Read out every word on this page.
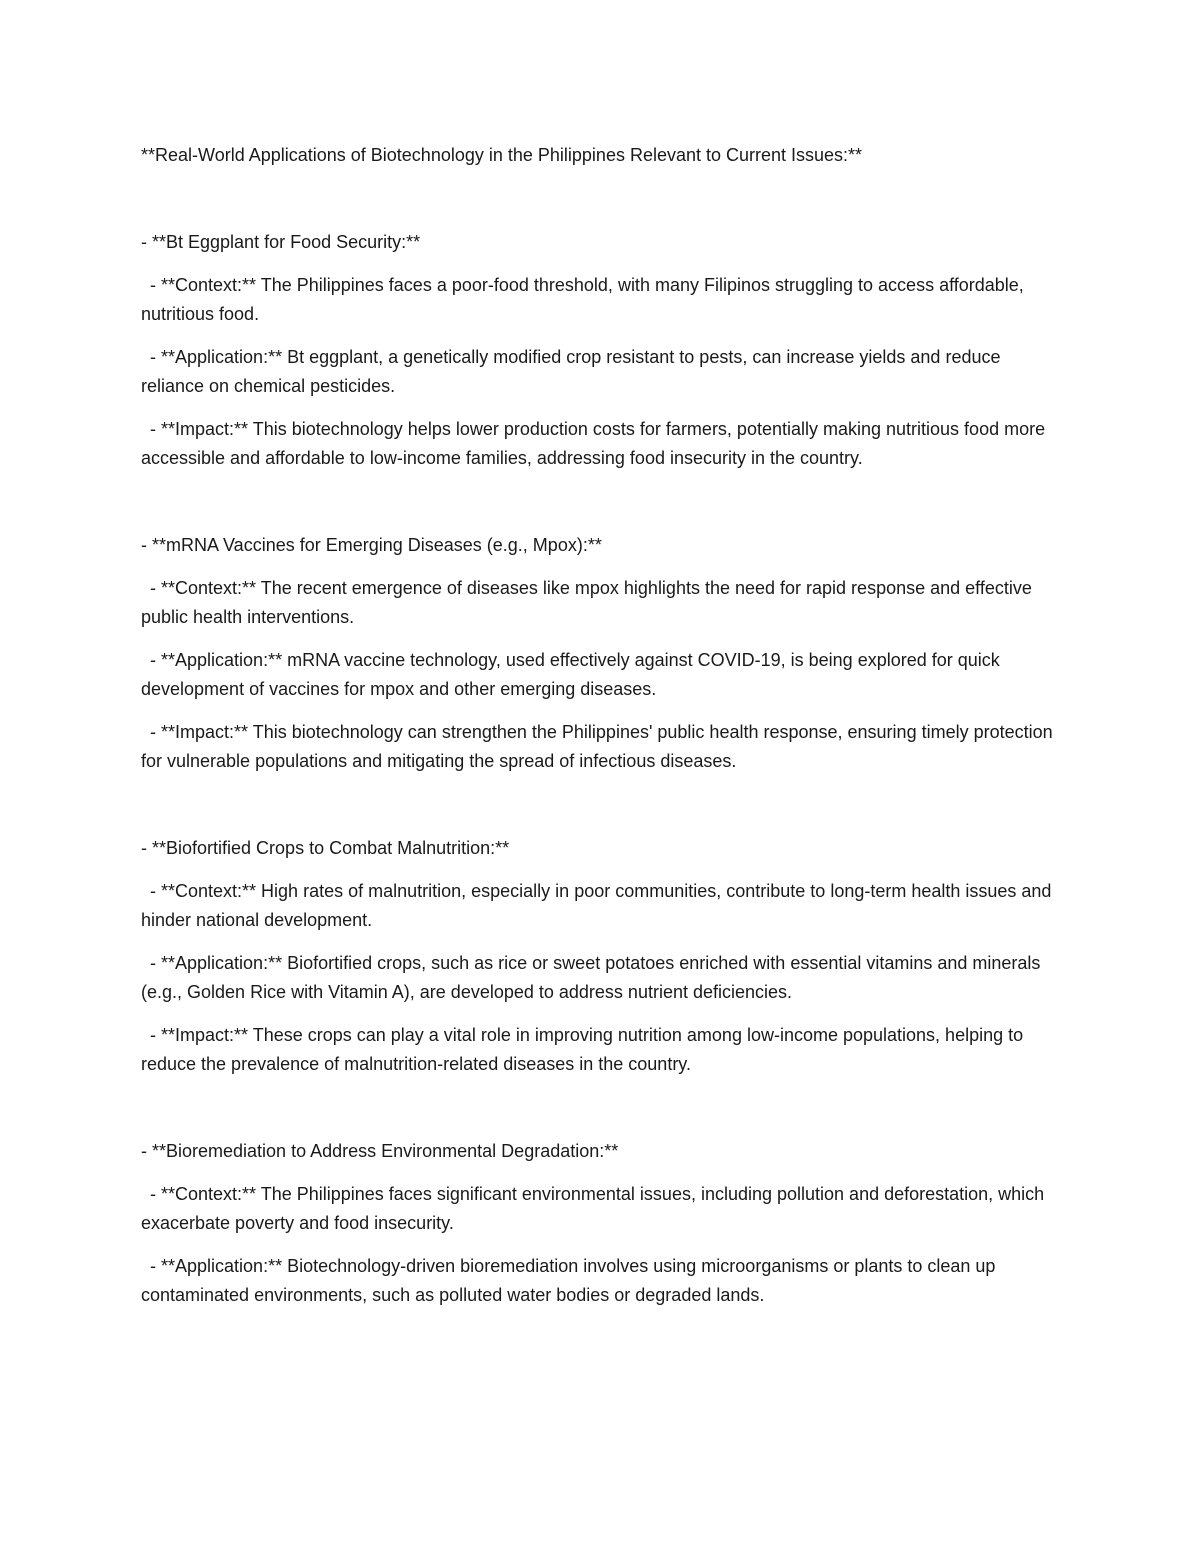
**Real-World Applications of Biotechnology in the Philippines Relevant to Current Issues:**

- **Bt Eggplant for Food Security:**

- **Context:** The Philippines faces a poor-food threshold, with many Filipinos struggling to access affordable, nutritious food.

- **Application:** Bt eggplant, a genetically modified crop resistant to pests, can increase yields and reduce reliance on chemical pesticides.

- **Impact:** This biotechnology helps lower production costs for farmers, potentially making nutritious food more accessible and affordable to low-income families, addressing food insecurity in the country.

- **mRNA Vaccines for Emerging Diseases (e.g., Mpox):**

- **Context:** The recent emergence of diseases like mpox highlights the need for rapid response and effective public health interventions.

- **Application:** mRNA vaccine technology, used effectively against COVID-19, is being explored for quick development of vaccines for mpox and other emerging diseases.

- **Impact:** This biotechnology can strengthen the Philippines' public health response, ensuring timely protection for vulnerable populations and mitigating the spread of infectious diseases.

- **Biofortified Crops to Combat Malnutrition:**

- **Context:** High rates of malnutrition, especially in poor communities, contribute to long-term health issues and hinder national development.

- **Application:** Biofortified crops, such as rice or sweet potatoes enriched with essential vitamins and minerals (e.g., Golden Rice with Vitamin A), are developed to address nutrient deficiencies.

- **Impact:** These crops can play a vital role in improving nutrition among low-income populations, helping to reduce the prevalence of malnutrition-related diseases in the country.

- **Bioremediation to Address Environmental Degradation:**

- **Context:** The Philippines faces significant environmental issues, including pollution and deforestation, which exacerbate poverty and food insecurity.

- **Application:** Biotechnology-driven bioremediation involves using microorganisms or plants to clean up contaminated environments, such as polluted water bodies or degraded lands.
